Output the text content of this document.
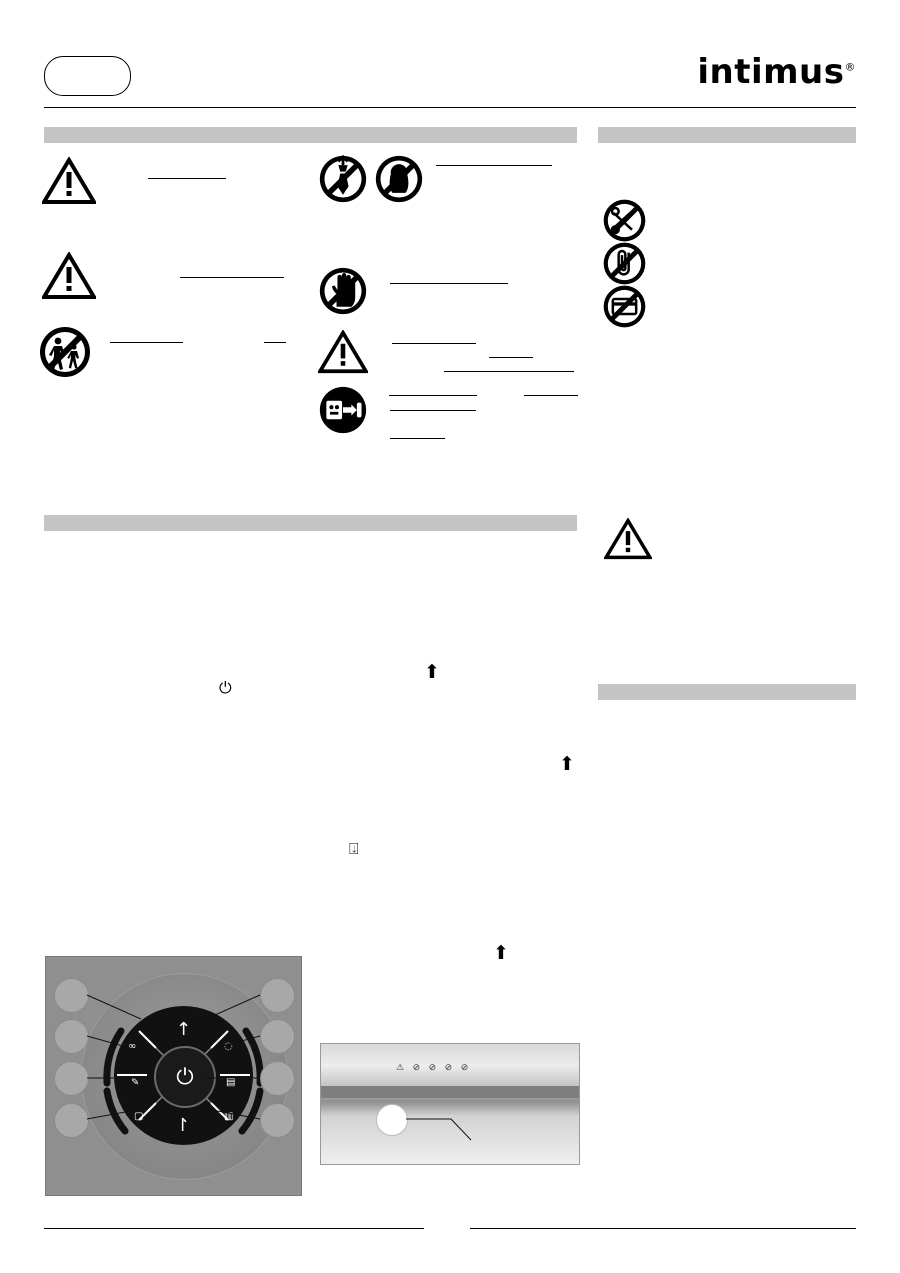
intimus®
⏻
⬆
⬆
⍗
⬆
∞	◌
✎	▤
▢	▥
↑
↾
⏻	⚠ ⊘ ⊘ ⊘ ⊘
